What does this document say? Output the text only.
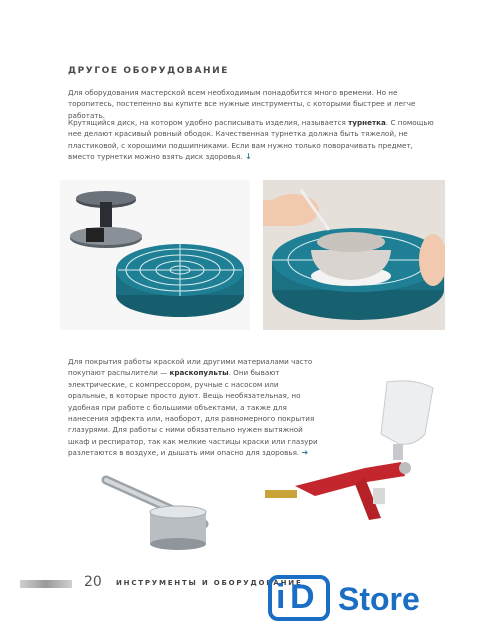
ДРУГОЕ ОБОРУДОВАНИЕ

Для оборудования мастерской всем необходимым понадобится много времени. Но не торопитесь, постепенно вы купите все нужные инструменты, с которыми быстрее и легче работать.

Крутящийся диск, на котором удобно расписывать изделия, называется турнетка. С помощью нее делают красивый ровный ободок. Качественная турнетка должна быть тяжелой, не пластиковой, с хорошими подшипниками. Если вам нужно только поворачивать предмет, вместо турнетки можно взять диск здоровья. ↓

Для покрытия работы краской или другими материалами часто покупают распылители — краскопульты. Они бывают электрические, с компрессором, ручные с насосом или оральные, в которые просто дуют. Вещь необязательная, но удобная при работе с большими объектами, а также для нанесения эффекта или, наоборот, для равномерного покрытия глазурями. Для работы с ними обязательно нужен вытяжной шкаф и респиратор, так как мелкие частицы краски или глазури разлетаются в воздухе, и дышать ими опасно для здоровья. ➜

20 ИНСТРУМЕНТЫ И ОБОРУДОВАНИЕ
i D Store
